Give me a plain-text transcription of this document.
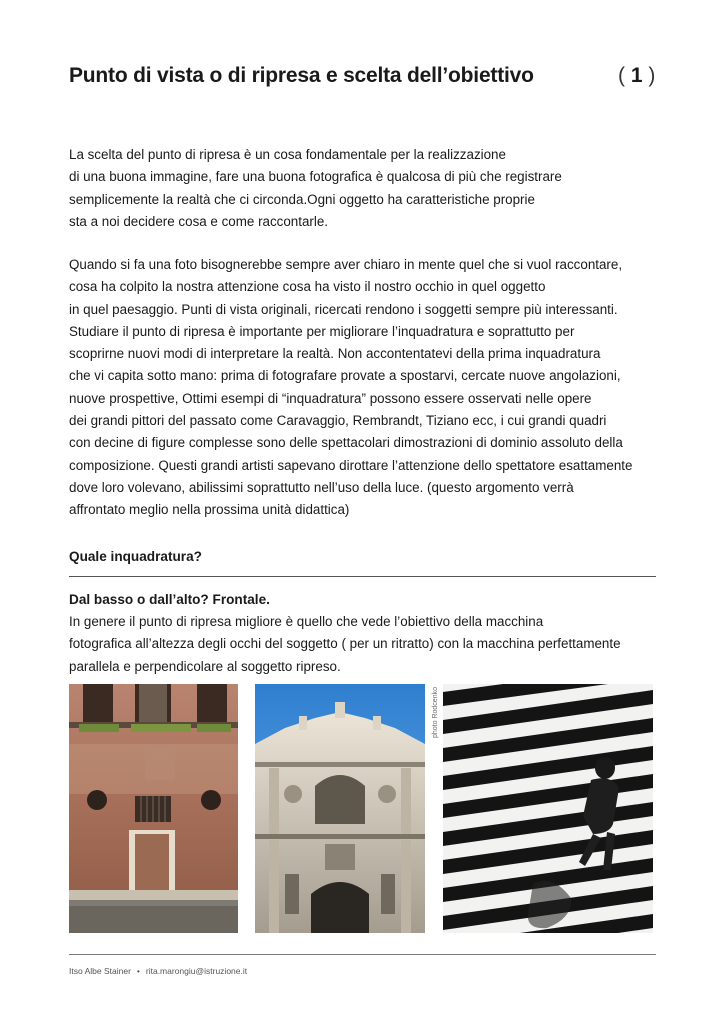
Punto di vista o di ripresa e scelta dell’obiettivo	( 1 )

La scelta del punto di ripresa è un cosa fondamentale per la realizzazione
di una buona immagine, fare una buona fotografica è qualcosa di più che registrare
semplicemente la realtà che ci circonda.Ogni oggetto ha caratteristiche proprie
sta a noi decidere cosa e come raccontarle.

Quando si fa una foto bisognerebbe sempre aver chiaro in mente quel che si vuol raccontare,
cosa ha colpito la nostra attenzione cosa ha visto il nostro occhio in quel oggetto
in quel paesaggio. Punti di vista originali, ricercati rendono i soggetti sempre più interessanti.
Studiare il punto di ripresa è importante per migliorare l’inquadratura e soprattutto per
scoprirne nuovi modi di interpretare la realtà. Non accontentatevi della prima inquadratura
che vi capita sotto mano: prima di fotografare provate a spostarvi, cercate nuove angolazioni,
nuove prospettive, Ottimi esempi di “inquadratura” possono essere osservati nelle opere
dei grandi pittori del passato come Caravaggio, Rembrandt, Tiziano ecc, i cui grandi quadri
con decine di figure complesse sono delle spettacolari dimostrazioni di dominio assoluto della
composizione. Questi grandi artisti sapevano dirottare l’attenzione dello spettatore esattamente
dove loro volevano, abilissimi soprattutto nell’uso della luce. (questo argomento verrà
affrontato meglio nella prossima unità didattica)

Quale inquadratura?
Dal basso o dall’alto? Frontale.

In genere il punto di ripresa migliore è quello che vede l’obiettivo della macchina
fotografica all’altezza degli occhi del soggetto ( per un ritratto) con la macchina perfettamente
parallela e perpendicolare al soggetto ripreso.

photo Rodcenko
Itso Albe Stainer • rita.marongiu@istruzione.it
